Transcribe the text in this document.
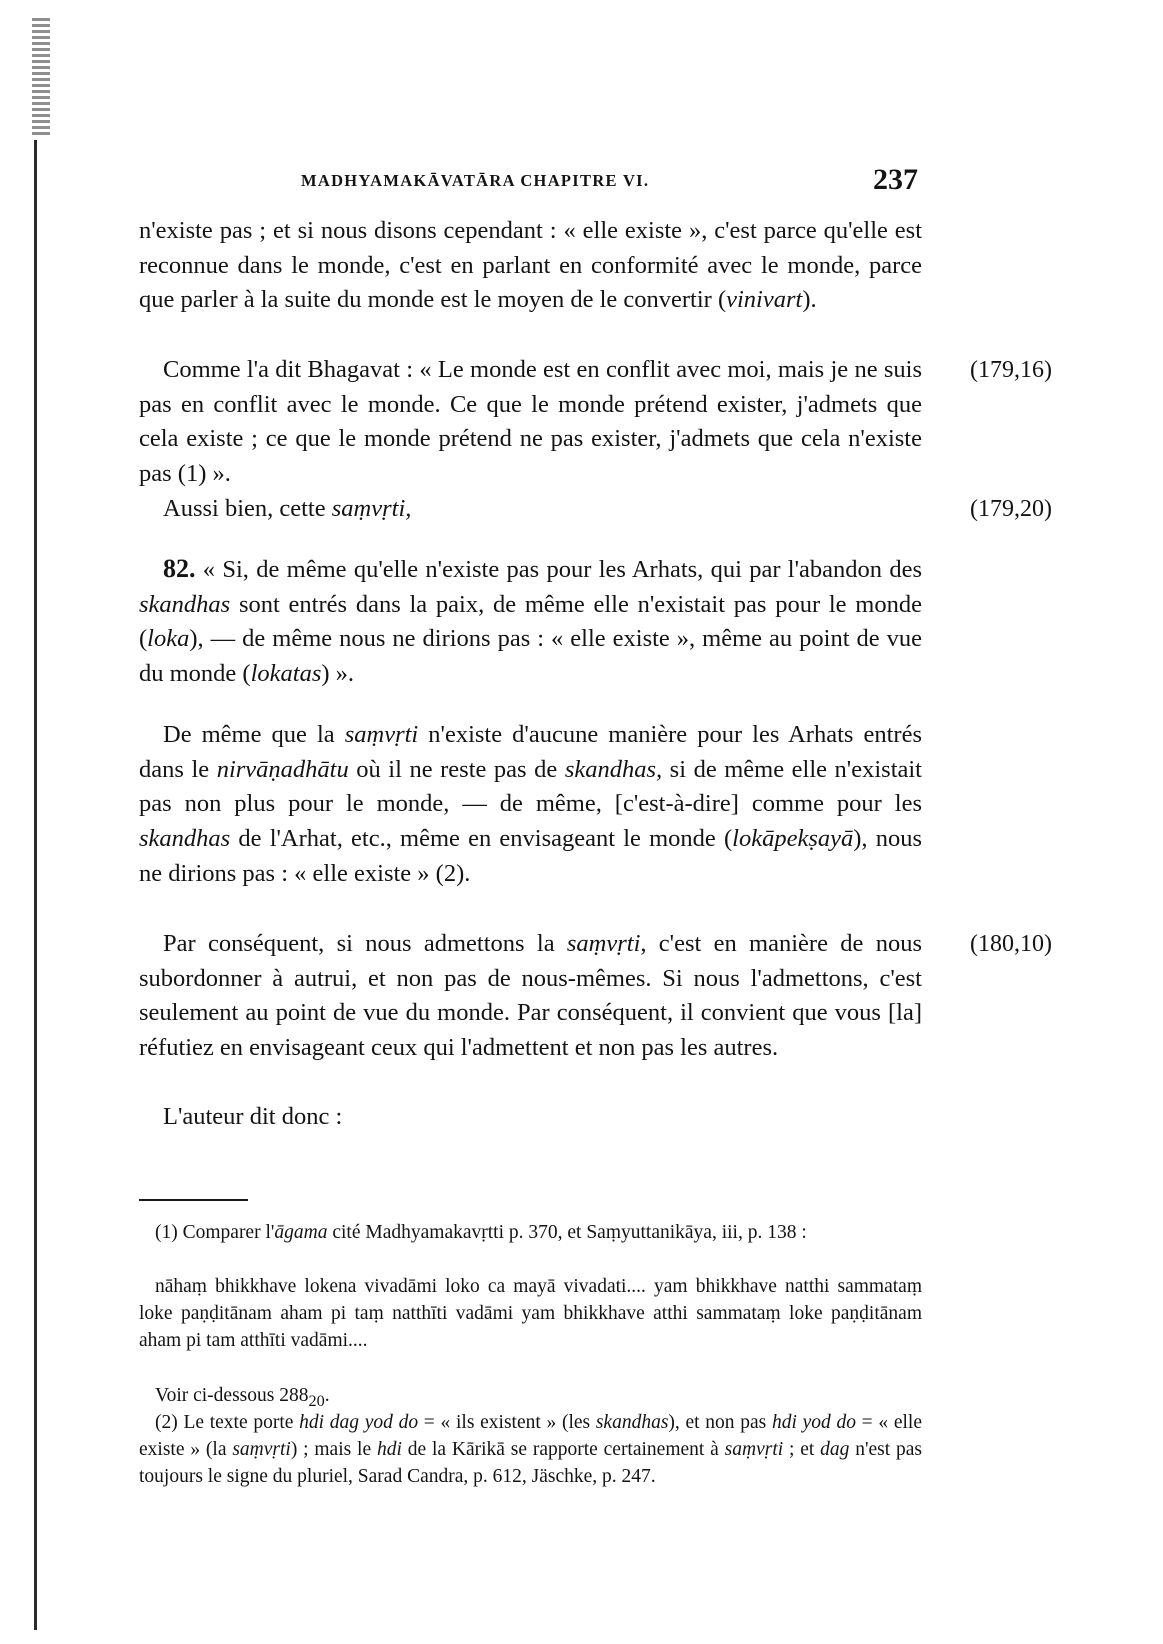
MADHYAMAKĀVATĀRA CHAPITRE VI.	237

n'existe pas ; et si nous disons cependant : « elle existe », c'est parce qu'elle est reconnue dans le monde, c'est en parlant en conformité avec le monde, parce que parler à la suite du monde est le moyen de le convertir (vinivart).

Comme l'a dit Bhagavat : « Le monde est en conflit avec moi, mais je ne suis pas en conflit avec le monde. Ce que le monde prétend exister, j'admets que cela existe ; ce que le monde prétend ne pas exister, j'admets que cela n'existe pas (1) ».

(179,16)

Aussi bien, cette saṃvṛti,	(179,20)

82. « Si, de même qu'elle n'existe pas pour les Arhats, qui par l'abandon des skandhas sont entrés dans la paix, de même elle n'existait pas pour le monde (loka), — de même nous ne dirions pas : « elle existe », même au point de vue du monde (lokatas) ».

De même que la saṃvṛti n'existe d'aucune manière pour les Arhats entrés dans le nirvāṇadhātu où il ne reste pas de skandhas, si de même elle n'existait pas non plus pour le monde, — de même, [c'est-à-dire] comme pour les skandhas de l'Arhat, etc., même en envisageant le monde (lokāpekṣayā), nous ne dirions pas : « elle existe » (2).

Par conséquent, si nous admettons la saṃvṛti, c'est en manière de nous subordonner à autrui, et non pas de nous-mêmes. Si nous l'admettons, c'est seulement au point de vue du monde. Par conséquent, il convient que vous [la] réfutiez en envisageant ceux qui l'admettent et non pas les autres.

(180,10)

L'auteur dit donc :

(1) Comparer l'āgama cité Madhyamakavṛtti p. 370, et Saṃyuttanikāya, iii, p. 138 :

nāhaṃ bhikkhave lokena vivadāmi loko ca mayā vivadati.... yam bhikkhave natthi sammataṃ loke paṇḍitānam aham pi taṃ natthīti vadāmi yam bhikkhave atthi sammataṃ loke paṇḍitānam aham pi tam atthīti vadāmi....

Voir ci-dessous $288_{20}$.

(2) Le texte porte hdi dag yod do = « ils existent » (les skandhas), et non pas hdi yod do = « elle existe » (la saṃvṛti) ; mais le hdi de la Kārikā se rapporte certainement à saṃvṛti ; et dag n'est pas toujours le signe du pluriel, Sarad Candra, p. 612, Jäschke, p. 247.
